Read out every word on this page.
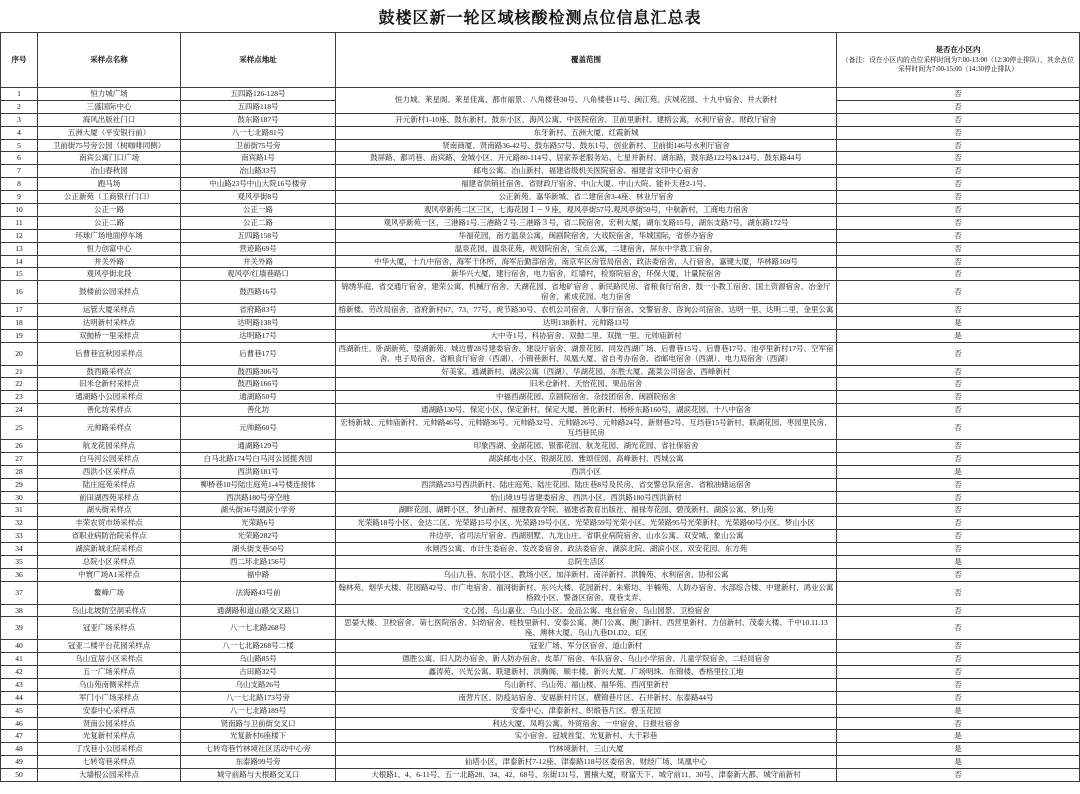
鼓楼区新一轮区域核酸检测点位信息汇总表
序号	采样点名称	采样点地址	覆盖范围	是否在小区内
（备注：设在小区内的点位采样时间为7:00-13:00（12:30停止排队），其余点位采样时间为7:00-15:00（14:30停止排队）

1	恒力城广场	五四路126-128号	恒力城、莱星阁、莱星佳寓、都市丽景、八角楼巷30号、八角楼巷11号、闽江苑、庆城花园、十九中宿舍、井大新村	否
2	三盛国际中心	五四路118号		否
3	海风出版社门口	鼓东路187号	开元新村1-10座、鼓东新村、鼓东小区、海风公寓、中医院宿舍、卫前里新村、建榕公寓，水利厅宿舍、财政厅宿舍	否
4	五洲大厦（平安银行前）	八一七北路81号	东牙新村、五洲大厦、红霞新城	否
5	卫前街75号旁公园（树咖啡同侧）	卫前街75号旁	贤南商厦、贤南路36-42号、鼓东路57号、鼓东1号，创业新村、卫前街146号水利厅宿舍	否
6	南宾公寓门口广场	南宾路1号	鼓屏路、都司巷、南宾路、金城小区、开元路80-114号、居家养老服务站、七星井新村、湖东路，鼓东路122号&124号、鼓东路44号	否
7	冶山春秋园	冶山路33号	邮电公寓、冶山新村、福建省级机关医院宿舍、福建省文印中心宿舍	否
8	跑马场	中山路23号中山大院16号楼旁	福建省供销社宿舍、省财政厅宿舍、中山大厦、中山大院、能补天巷2-1号、	否
9	公正新苑（工商银行门口）	观风亭街8号	公正新苑、嘉华新城、省二建宿舍3-4座、林业厅宿舍	否
10	公正一路	公正一路	观风亭新苑二区三区，七海花园１－９座，观风亭街57号,观风亭街59号，中航新村，工商电力宿舍	否
11	公正二路	公正二路	观风亭新苑一区，三港路1号.三港路２号.三港路３号，省二院宿舍，宏利大厦，湖东支路15号，湖东支路7号，湖东路172号	否
12	环球广场地面停车场	五四路158号	华福花园，南方温泉公寓，闽剧院宿舍，大戏院宿舍，华城国际，省侨办宿舍	否
13	恒力创富中心	营迹路69号	温泉花园，温泉花苑，规划院宿舍，宝点公寓，二建宿舍，屏东中学教工宿舍，	否
14	井关外路	井关外路	中华大厦，十九中宿舍，海军干休所，海军后勤部宿舍，南京军区房管局宿舍，政法委宿舍，人行宿舍，嘉键大厦，华林路169号	否
15	观风亭街北段	观风亭/红墙巷路口	新华兴大厦，建行宿舍，电力宿舍，红墙村，检察院宿舍，环保大厦，计量院宿舍	否
16	鼓楼前公园采样点	鼓西路16号	锦绣华庭、省交通厅宿舍、建荣公寓、机械厅宿舍、天湖花园、省地矿宿舍 、新民路民房、省粮食厅宿舍、鼓一小教工宿舍、国土资源宿舍、冶金厅宿舍、素成花园、电力宿舍	否
17	运管大厦采样点	省府路83号	榕新楼、劳改局宿舍、省府新村67、73、77号、虎节路30号、农机公司宿舍、人事厅宿舍、交警宿舍、咨询公司宿舍、达明一里、达明二里、金里公寓	否
18	达明新村采样点	达明路138号	达明138新村、元帅路13号	是
19	双抛桥一里采样点	达明路17号	大中寺1号、科协宿舍、双抛二里、双抛一里、元帅庙新村	是
20	后曹巷宜秋园采样点	后曹巷17号	西湖新庄、卧湖新苑、望湖新苑、城边曹28号建委宿舍、建设厅宿舍、湖景花园、同发西湖广场、后曹巷15号、后曹巷17号、池亭里新村17号、空军宿舍、电子局宿舍、省粮食厅宿舍（西湖）、小锦巷新村、凤凰大厦、省自考办宿舍、省邮电宿舍（西湖）、电力局宿舍（西湖）	否
21	鼓西路采样点	鼓西路306号	好美家、通湖新村、湖滨公寓（西湖）、华湖花园、东胜大厦、蔬菜公司宿舍、西峰新村	否
22	旧米仓新村采样点	鼓西路166号	旧米仓新村、天怡花园、果品宿舍	否
23	通湖路小公园采样点	通湖路50号	中福西湖花园、京剧院宿舍、杂技团宿舍、闽剧院宿舍	否
24	善化坊采样点	善化坊	通湖路130号、保定小区、保定新村、保定大厦、善化新村、杨桥东路160号，湖滨花园、十八中宿舍	否
25	元帅路采样点	元帅路60号	宏杨新城、元帅庙新村、元帅路46号、元帅路36号、元帅路32号、元帅路26号、元帅路24号、新财巷2号、互垱巷15号新村、联湖花园、枣园里民房、互垱巷民房	否
26	航龙花园采样点	通湖路129号	印象西湖、金湖花园、银都花园、航龙花园、湖光花园、省社保宿舍	否
27	白马河公园采样点	白马北路174号白马河公园揽秀园	湖滨邮电小区、银湖花园、雅颂佳园、高峰新村、西城公寓	否
28	西洪小区采样点	西洪路181号	西洪小区	是
29	陆庄庭苑采样点	柳桥巷10号陆庄庭苑1-4号楼连接体	西洪路253号西洪新村、陆庄庭苑、陆庄花园、陆庄巷8号及民房、省交警总队宿舍、省粮油储运宿舍	否
30	前田湖西苑采样点	西洪路180号旁空地	怡山境19号省建委宿舍、西洪小区、西洪路180号西洪新村	否
31	湖头街采样点	湖头街36号湖滨小学旁	湖畔花园、湖畔小区、梦山新村、福建教育学院、福建省教育出版社、福禄寿花园、碧茂新村、湖滨公寓、梦山苑	否
32	丰荣农贸市场采样点	光荣路6号	光荣路18号小区、金达二区、光荣路15号小区、光荣路19号小区、光荣路59号光荣小区、光荣路95号光荣新村、光荣路60号小区、梦山小区	否
33	省职业病防治院采样点	光荣路282号	井边亭、省司法厅宿舍、西湖别墅、九龙山庄、省职业病院宿舍、山水公寓、双安城、象山公寓	否
34	湖滨新城北院采样点	湖头街支巷50号	水闸西公寓、市计生委宿舍、发改委宿舍、政法委宿舍、湖滨北院、湖滨小区、双安花园、东方苑	否
35	总院小区采样点	西二环北路156号	总院生活区	是
36	中寰广场A1采样点	福中路	乌山九巷、东辰小区、教场小区、加洋新村、南洋新村、洪腾苑、水利宿舍、协和公寓	否
37	鳌峰广场	法海路43号前	翰林苑、烟华大楼、花园路42号、市广电宿舍、福河街新村、东兴大楼、花园新村、朱紫坊、半楠苑、人防办宿舍、水部综合楼、中建新村、鸿业公寓格致小区、警备区宿舍、观巷支弄、	否
38	乌山北坡防空洞采样点	通湖路和道山路交叉路口	文心园、乌山嘉业、乌山小区、金品公寓、电台宿舍、乌山园景、卫检宿舍	否
39	冠亚广场采样点	八一七北路268号	思晏大楼、卫校宿舍、第七医院宿舍、妇幼宿舍、桂枝里新村、安泰公寓、澳门公寓、澳门新村、西营里新村、力信新村、茂泰大楼、千中10.11.13座、澳林大厦、乌山九巷D1.D2、E区	否
40	冠亚二楼平台花园采样点	八一七北路268号二楼	冠亚广场、军分区宿舍、道山新村	否
41	乌山宜居小区采样点	乌山路85号	德胜公寓、旧人防办宿舍、新人防办宿舍、皮革厂宿舍、车队宿舍、乌山小学宿舍、儿童学院宿舍、二轻局宿舍	否
42	五一广场采样点	古田路32号	鑫涛苑、兴光公寓、联建新村、洪腾阁、顺丰楼、新兴大厦、广场明珠、东锦楼、香格里拉工地	否
43	乌山苑南侧采样点	乌山支路26号	乌山新村、乌山苑、福山楼、福华苑、西河里新村	否
44	军门小广场采样点	八一七北路173号旁	南营片区、防疫站宿舍、安福新村片区、横锦巷片区、石井新村、东泰路44号	否
45	安泰中心采样点	八一七北路189号	安泰中心、津泰新村、织缎巷片区、碧玉花园	是
46	贤南公园采样点	贤南路与卫前街交叉口	利达大厦、凤鸣公寓、外贸宿舍、一中宿舍、日报社宿舍	否
47	光复新村采样点	光复新村6座楼下	实小宿舍、冠城首玺、光复新村、大干彩巷	是
48	丁戊巷小公园采样点	七转弯巷竹林境社区活动中心旁	竹林境新村、三山大厦	是
49	七转弯巷采样点	东泰路99号旁	仙塔小区，津泰新村7-12座、津泰路118号区委宿舍、财经广场、凤凰中心	是
50	大墙根公园采样点	城守前路与大根路交叉口	大根路1、4、6-11号、五一北路28、34、42、68号、东街131号、置楠大厦，财富天下、城守前11、30号、津泰新大都、城守前新村	否
